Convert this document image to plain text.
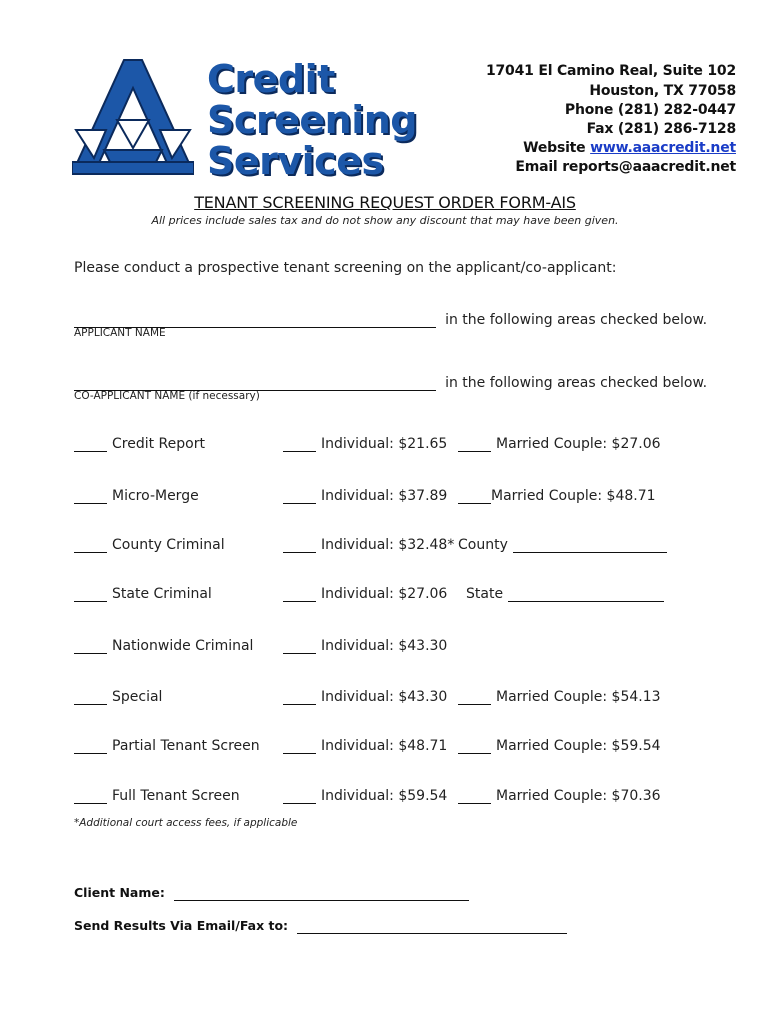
Credit
Screening
Services
17041 El Camino Real, Suite 102
Houston, TX 77058
Phone (281) 282-0447
Fax (281) 286-7128
Website www.aaacredit.net
Email reports@aaacredit.net
TENANT SCREENING REQUEST ORDER FORM-AIS
All prices include sales tax and do not show any discount that may have been given.
Please conduct a prospective tenant screening on the applicant/co-applicant:
in the following areas checked below.
APPLICANT NAME
in the following areas checked below.
CO-APPLICANT NAME (if necessary)
Credit Report	Individual: $21.65	Married Couple: $27.06
Micro-Merge	Individual: $37.89	Married Couple: $48.71
County Criminal	Individual: $32.48* County
State Criminal	Individual: $27.06 State
Nationwide Criminal	Individual: $43.30
Special	Individual: $43.30	Married Couple: $54.13
Partial Tenant Screen	Individual: $48.71	Married Couple: $59.54
Full Tenant Screen	Individual: $59.54	Married Couple: $70.36
*Additional court access fees, if applicable
Client Name:
Send Results Via Email/Fax to:
